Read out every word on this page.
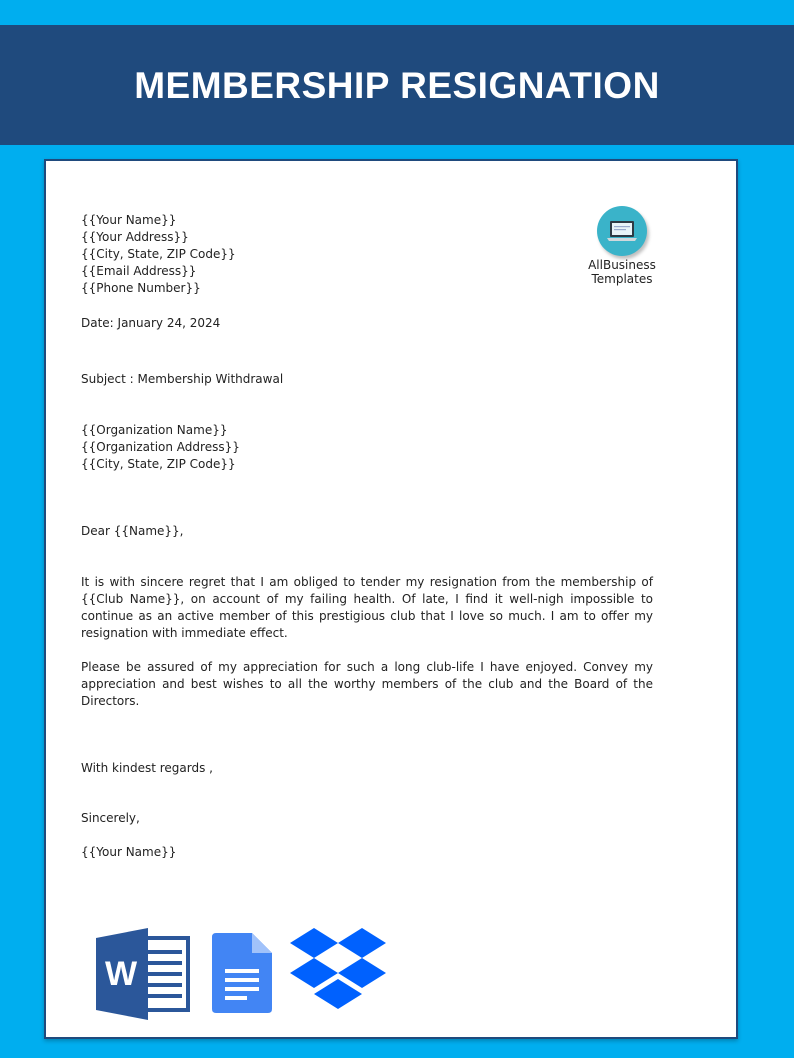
MEMBERSHIP RESIGNATION
AllBusiness
Templates
{{Your Name}}
{{Your Address}}
{{City, State, ZIP Code}}
{{Email Address}}
{{Phone Number}}
Date: January 24, 2024
Subject : Membership Withdrawal
{{Organization Name}}
{{Organization Address}}
{{City, State, ZIP Code}}
Dear {{Name}},

It is with sincere regret that I am obliged to tender my resignation from the membership of {{Club Name}}, on account of my failing health. Of late, I find it well-nigh impossible to continue as an active member of this prestigious club that I love so much. I am to offer my resignation with immediate effect.

Please be assured of my appreciation for such a long club-life I have enjoyed. Convey my appreciation and best wishes to all the worthy members of the club and the Board of the Directors.

With kindest regards ,
Sincerely,
{{Your Name}}
W
